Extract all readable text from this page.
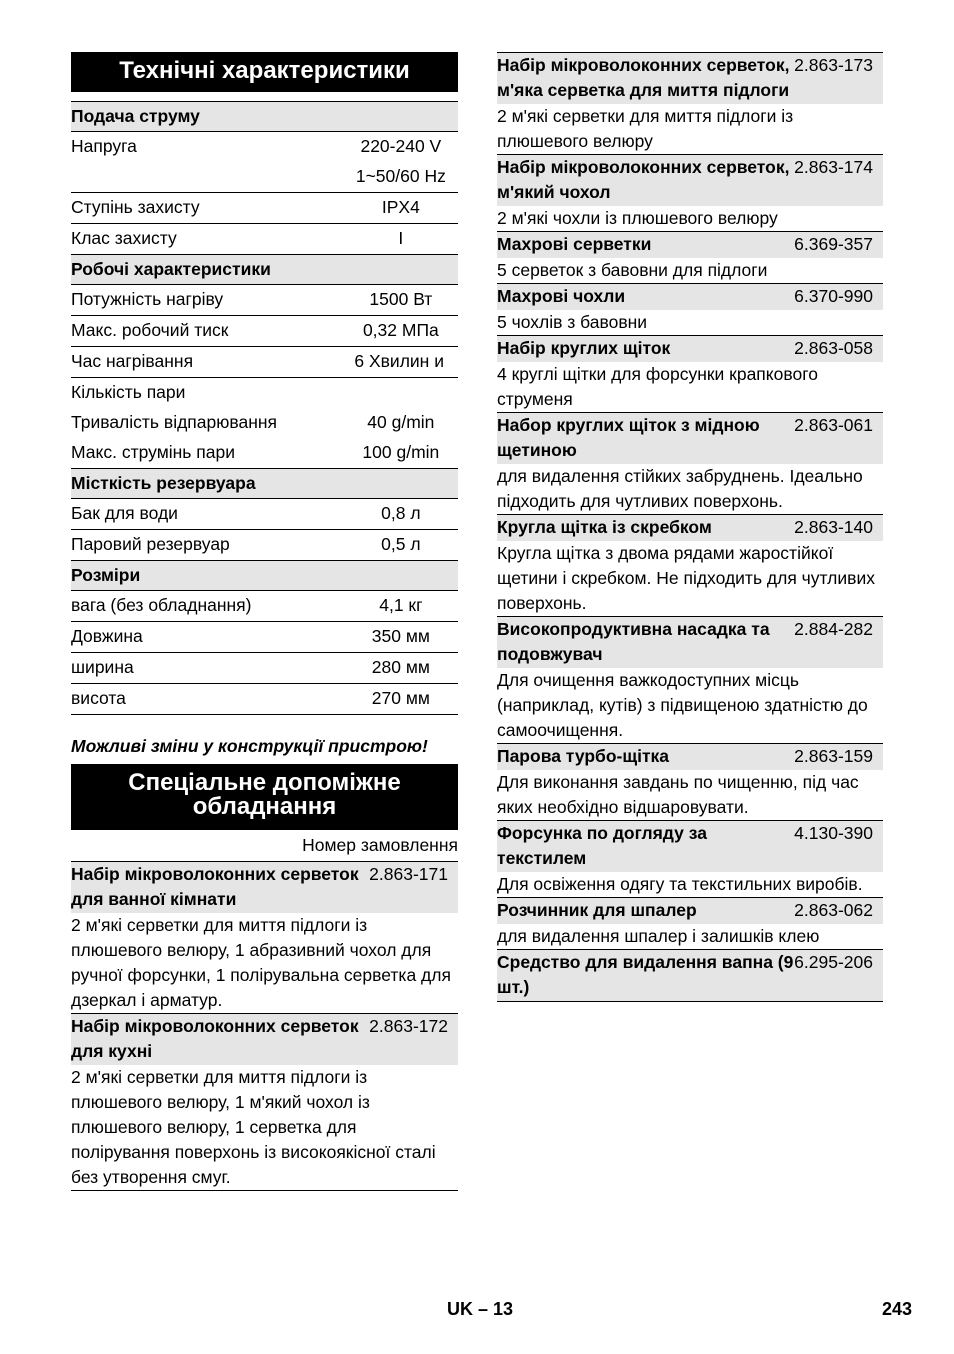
Технічні характеристики
Подача струму	
Напруга	220-240 V
	1~50/60 Hz
Ступінь захисту	IPX4
Клас захисту	I
Робочі характеристики	
Потужність нагріву	1500 Вт
Макс. робочий тиск	0,32 МПа
Час нагрівання	6 Хвилин и
Кількість пари	
Тривалість відпарювання	40 g/min
Макс. струмінь пари	100 g/min
Місткість резервуара	
Бак для води	0,8 л
Паровий резервуар	0,5 л
Розміри	
вага (без обладнання)	4,1 кг
Довжина	350 мм
ширина	280 мм
висота	270 мм
Можливі зміни у конструкції пристрою!
Спеціальне допоміжне обладнання
Номер замовлення
Набір мікроволоконних серветок для ванної кімнати
2.863-171
2 м'які серветки для миття підлоги із плюшевого велюру, 1 абразивний чохол для ручної форсунки, 1 полірувальна серветка для дзеркал і арматур.
Набір мікроволоконних серветок для кухні
2.863-172
2 м'які серветки для миття підлоги із плюшевого велюру, 1 м'який чохол із плюшевого велюру, 1 серветка для полірування поверхонь із високоякісної сталі без утворення смуг.
Набір мікроволоконних серветок, м'яка серветка для миття підлоги
2.863-173
2 м'які серветки для миття підлоги із плюшевого велюру
Набір мікроволоконних серветок, м'який чохол
2.863-174
2 м'які чохли із плюшевого велюру
Махрові серветки	6.369-357
5 серветок з бавовни для підлоги
Махрові чохли	6.370-990
5 чохлів з бавовни
Набір круглих щіток	2.863-058
4 круглі щітки для форсунки крапкового струменя
Набор круглих щіток з мідною щетиною
2.863-061
для видалення стійких забруднень. Ідеально підходить для чутливих поверхонь.
Кругла щітка із скребком	2.863-140
Кругла щітка з двома рядами жаростійкої щетини і скребком. Не підходить для чутливих поверхонь.
Високопродуктивна насадка та подовжувач
2.884-282
Для очищення важкодоступних місць (наприклад, кутів) з підвищеною здатністю до самоочищення.
Парова турбо-щітка	2.863-159
Для виконання завдань по чищенню, під час яких необхідно відшаровувати.
Форсунка по догляду за текстилем
4.130-390
Для освіження одягу та текстильних виробів.
Розчинник для шпалер	2.863-062
для видалення шпалер і залишків клею
Средство для видалення вапна (9 шт.)
6.295-206
UK – 13	243
